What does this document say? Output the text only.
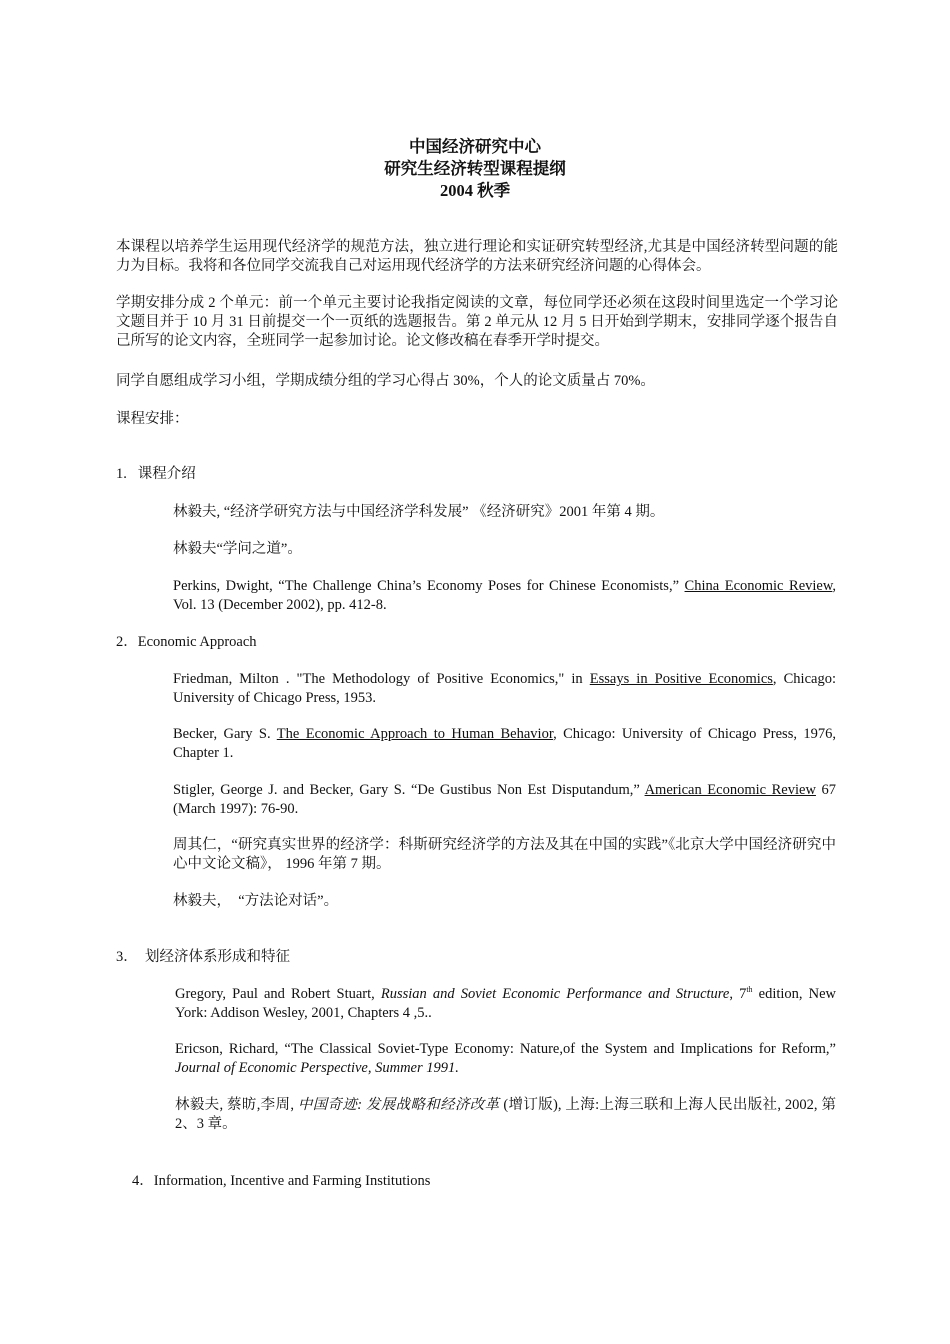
中国经济研究中心
研究生经济转型课程提纲
2004 秋季
本课程以培养学生运用现代经济学的规范方法，独立进行理论和实证研究转型经济,尤其是中国经济转型问题的能力为目标。我将和各位同学交流我自己对运用现代经济学的方法来研究经济问题的心得体会。
学期安排分成 2 个单元：前一个单元主要讨论我指定阅读的文章，每位同学还必须在这段时间里选定一个学习论文题目并于 10 月 31 日前提交一个一页纸的选题报告。第 2 单元从 12 月 5 日开始到学期末，安排同学逐个报告自己所写的论文内容，全班同学一起参加讨论。论文修改稿在春季开学时提交。
同学自愿组成学习小组，学期成绩分组的学习心得占 30%，个人的论文质量占 70%。
课程安排：
1.   课程介绍
林毅夫, “经济学研究方法与中国经济学科发展” 《经济研究》2001 年第 4 期。
林毅夫“学问之道”。
Perkins, Dwight, “The Challenge China’s Economy Poses for Chinese Economists,” China Economic Review, Vol. 13 (December 2002), pp. 412-8.
2．Economic Approach
Friedman, Milton . "The Methodology of Positive Economics," in Essays in Positive Economics, Chicago: University of Chicago Press, 1953.
Becker, Gary S. The Economic Approach to Human Behavior, Chicago: University of Chicago Press, 1976, Chapter 1.
Stigler, George J. and Becker, Gary S. “De Gustibus Non Est Disputandum,” American Economic Review 67 (March 1997): 76-90.
周其仁，“研究真实世界的经济学：科斯研究经济学的方法及其在中国的实践”《北京大学中国经济研究中心中文论文稿》， 1996 年第 7 期。
林毅夫，  “方法论对话”。
3．  划经济体系形成和特征
Gregory, Paul and Robert Stuart, Russian and Soviet Economic Performance and Structure, 7th edition, New York: Addison Wesley, 2001, Chapters 4 ,5..
Ericson, Richard, “The Classical Soviet-Type Economy: Nature,of the System and Implications for Reform,” Journal of Economic Perspective, Summer 1991.
林毅夫, 蔡昉,李周, 中国奇迹: 发展战略和经济改革 (增订版), 上海:上海三联和上海人民出版社, 2002, 第 2、3 章。
4．Information, Incentive and Farming Institutions
